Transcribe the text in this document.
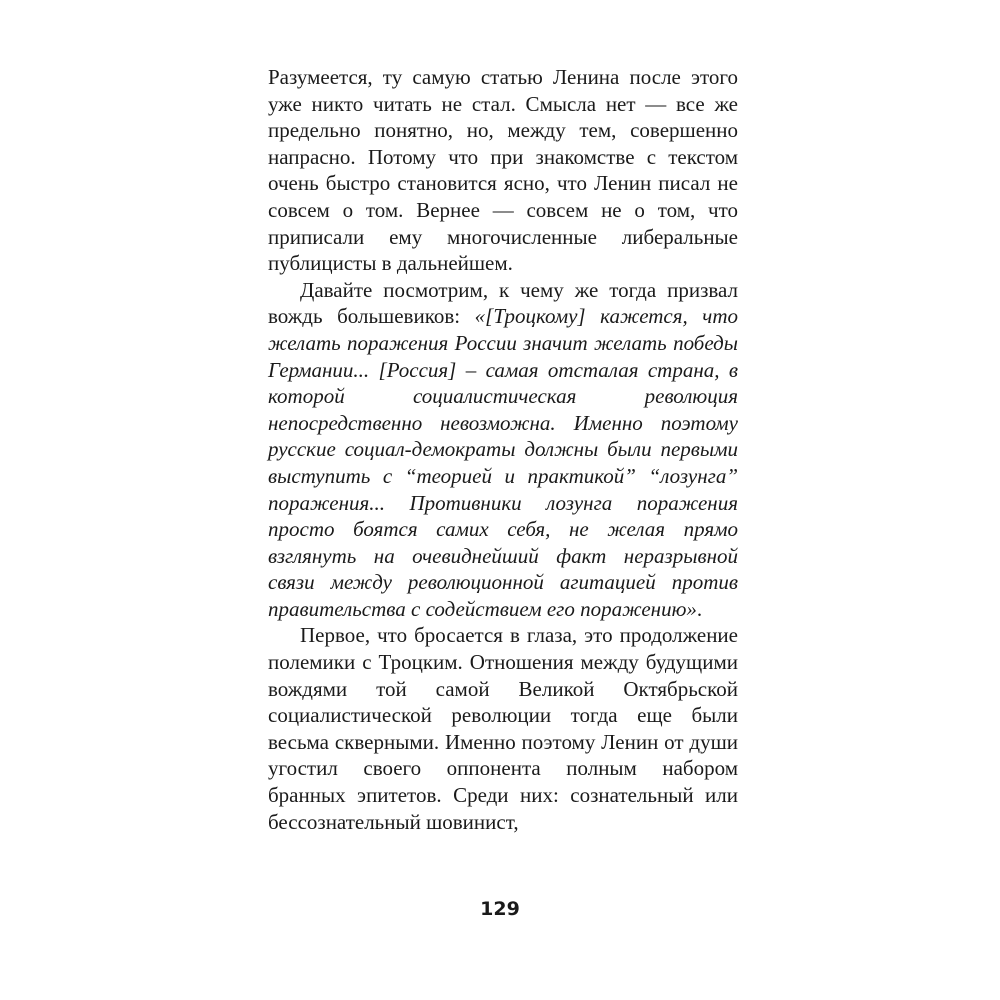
Разумеется, ту самую статью Ленина после этого уже никто читать не стал. Смысла нет — все же предельно понятно, но, между тем, совершенно напрасно. Потому что при знакомстве с текстом очень быстро становится ясно, что Ленин писал не совсем о том. Вернее — совсем не о том, что приписали ему многочисленные либеральные публицисты в дальнейшем.

Давайте посмотрим, к чему же тогда призвал вождь большевиков: «[Троцкому] кажется, что желать поражения России значит желать победы Германии... [Россия] – самая отсталая страна, в которой социалистическая революция непосредственно невозможна. Именно поэтому русские социал-демократы должны были первыми выступить с “теорией и практикой” “лозунга” поражения... Противники лозунга поражения просто боятся самих себя, не желая прямо взглянуть на очевиднейший факт неразрывной связи между революционной агитацией против правительства с содействием его поражению».

Первое, что бросается в глаза, это продолжение полемики с Троцким. Отношения между будущими вождями той самой Великой Октябрьской социалистической революции тогда еще были весьма скверными. Именно поэтому Ленин от души угостил своего оппонента полным набором бранных эпитетов. Среди них: сознательный или бессознательный шовинист,

129
